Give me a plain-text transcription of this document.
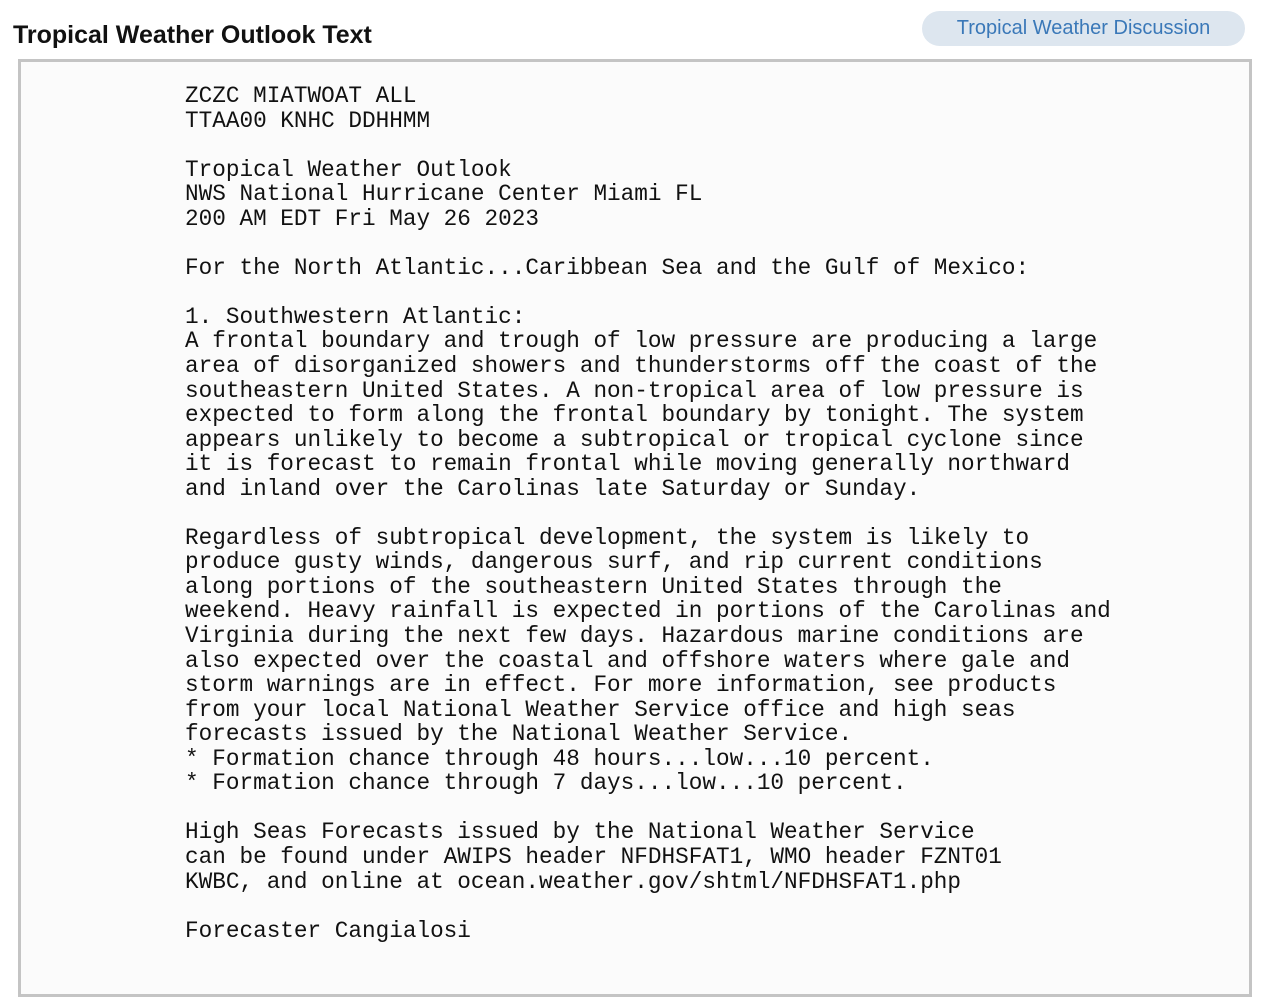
Tropical Weather Outlook Text	Tropical Weather Discussion
ZCZC MIATWOAT ALL
TTAA00 KNHC DDHHMM

Tropical Weather Outlook
NWS National Hurricane Center Miami FL
200 AM EDT Fri May 26 2023

For the North Atlantic...Caribbean Sea and the Gulf of Mexico:

1. Southwestern Atlantic:
A frontal boundary and trough of low pressure are producing a large
area of disorganized showers and thunderstorms off the coast of the
southeastern United States. A non-tropical area of low pressure is
expected to form along the frontal boundary by tonight. The system
appears unlikely to become a subtropical or tropical cyclone since
it is forecast to remain frontal while moving generally northward
and inland over the Carolinas late Saturday or Sunday.

Regardless of subtropical development, the system is likely to
produce gusty winds, dangerous surf, and rip current conditions
along portions of the southeastern United States through the
weekend. Heavy rainfall is expected in portions of the Carolinas and
Virginia during the next few days. Hazardous marine conditions are
also expected over the coastal and offshore waters where gale and
storm warnings are in effect. For more information, see products
from your local National Weather Service office and high seas
forecasts issued by the National Weather Service.
* Formation chance through 48 hours...low...10 percent.
* Formation chance through 7 days...low...10 percent.

High Seas Forecasts issued by the National Weather Service
can be found under AWIPS header NFDHSFAT1, WMO header FZNT01
KWBC, and online at ocean.weather.gov/shtml/NFDHSFAT1.php

Forecaster Cangialosi
